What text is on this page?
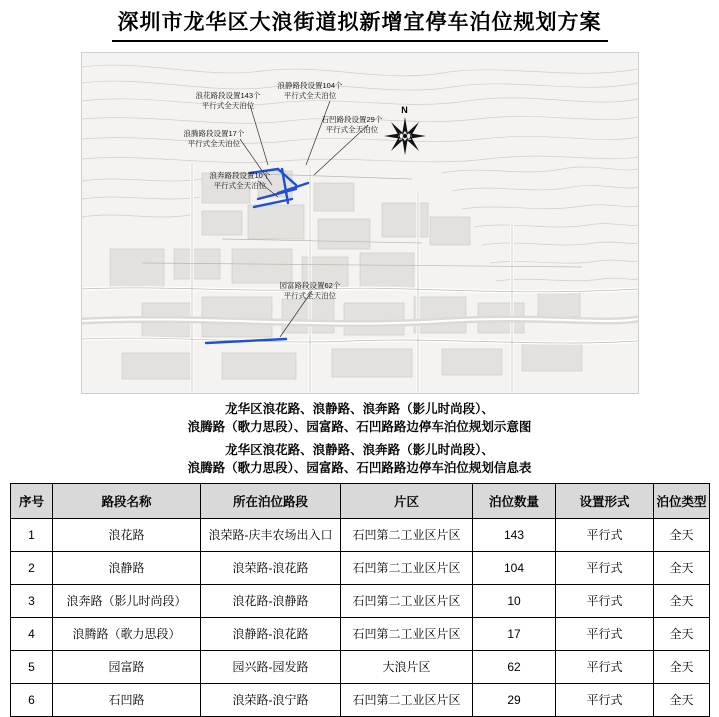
深圳市龙华区大浪街道拟新增宜停车泊位规划方案
浪花路段设置143个
平行式全天泊位
浪静路段设置104个
平行式全天泊位
石凹路段设置29个
平行式全天泊位
浪腾路段设置17个
平行式全天泊位
浪奔路段设置10个
平行式全天泊位
园富路段设置62个
平行式全天泊位
N
龙华区浪花路、浪静路、浪奔路（影儿时尚段）、
浪腾路（歌力思段）、园富路、石凹路路边停车泊位规划示意图
龙华区浪花路、浪静路、浪奔路（影儿时尚段）、
浪腾路（歌力思段）、园富路、石凹路路边停车泊位规划信息表
序号	路段名称	所在泊位路段	片区	泊位数量	设置形式	泊位类型
1	浪花路	浪荣路-庆丰农场出入口	石凹第二工业区片区	143	平行式	全天
2	浪静路	浪荣路-浪花路	石凹第二工业区片区	104	平行式	全天
3	浪奔路（影儿时尚段）	浪花路-浪静路	石凹第二工业区片区	10	平行式	全天
4	浪腾路（歌力思段）	浪静路-浪花路	石凹第二工业区片区	17	平行式	全天
5	园富路	园兴路-园发路	大浪片区	62	平行式	全天
6	石凹路	浪荣路-浪宁路	石凹第二工业区片区	29	平行式	全天
